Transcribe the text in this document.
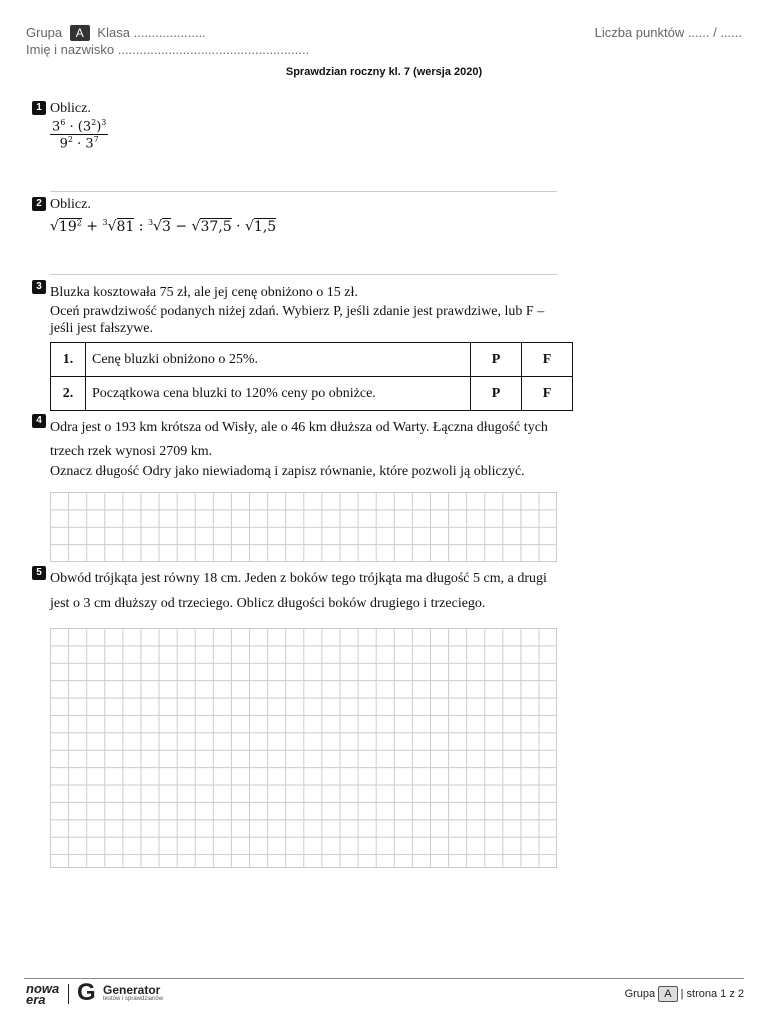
Grupa A Klasa ....................
Imię i nazwisko .....................................................
Liczba punktów ...... / ......
Sprawdzian roczny kl. 7 (wersja 2020)
1 Oblicz.
$\frac{3^6 \cdot (3^2)^3}{9^2 \cdot 3^7}$
2 Oblicz.
$√19^2 + ^3√81$ : $^3$√3 − √37,5 · √1,5
3 Bluzka kosztowała 75 zł, ale jej cenę obniżono o 15 zł.
Oceń prawdziwość podanych niżej zdań. Wybierz P, jeśli zdanie jest prawdziwe, lub F –
jeśli jest fałszywe.
1.	Cenę bluzki obniżono o 25%.	P	F
2.	Początkowa cena bluzki to 120% ceny po obniżce.	P	F
4 Odra jest o 193 km krótsza od Wisły, ale o 46 km dłuższa od Warty. Łączna długość tych
trzech rzek wynosi 2709 km.
Oznacz długość Odry jako niewiadomą i zapisz równanie, które pozwoli ją obliczyć.
5 Obwód trójkąta jest równy 18 cm. Jeden z boków tego trójkąta ma długość 5 cm, a drugi
jest o 3 cm dłuższy od trzeciego. Oblicz długości boków drugiego i trzeciego.
nowa
era	G Generator
testów i sprawdzianów	Grupa A | strona 1 z 2
